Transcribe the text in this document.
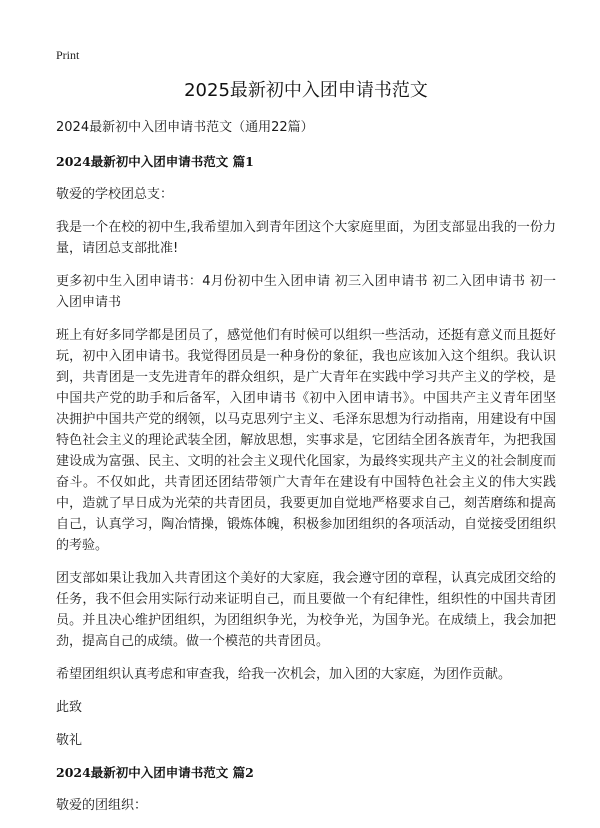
Print
2025最新初中入团申请书范文

2024最新初中入团申请书范文（通用22篇）

2024最新初中入团申请书范文 篇1

敬爱的学校团总支：

我是一个在校的初中生,我希望加入到青年团这个大家庭里面，为团支部显出我的一份力量，请团总支部批准!

更多初中生入团申请书：4月份初中生入团申请 初三入团申请书 初二入团申请书 初一入团申请书

班上有好多同学都是团员了，感觉他们有时候可以组织一些活动，还挺有意义而且挺好玩，初中入团申请书。我觉得团员是一种身份的象征，我也应该加入这个组织。我认识到，共青团是一支先进青年的群众组织，是广大青年在实践中学习共产主义的学校，是中国共产党的助手和后备军，入团申请书《初中入团申请书》。中国共产主义青年团坚决拥护中国共产党的纲领，以马克思列宁主义、毛泽东思想为行动指南，用建设有中国特色社会主义的理论武装全团，解放思想，实事求是，它团结全团各族青年，为把我国建设成为富强、民主、文明的社会主义现代化国家，为最终实现共产主义的社会制度而奋斗。不仅如此，共青团还团结带领广大青年在建设有中国特色社会主义的伟大实践中，造就了早日成为光荣的共青团员，我要更加自觉地严格要求自己，刻苦磨练和提高自己，认真学习，陶冶情操，锻炼体魄，积极参加团组织的各项活动，自觉接受团组织的考验。

团支部如果让我加入共青团这个美好的大家庭，我会遵守团的章程，认真完成团交给的任务，我不但会用实际行动来证明自己，而且要做一个有纪律性，组织性的中国共青团员。并且决心维护团组织，为团组织争光，为校争光，为国争光。在成绩上，我会加把劲，提高自己的成绩。做一个模范的共青团员。

希望团组织认真考虑和审查我，给我一次机会，加入团的大家庭，为团作贡献。

此致

敬礼

2024最新初中入团申请书范文 篇2

敬爱的团组织：
